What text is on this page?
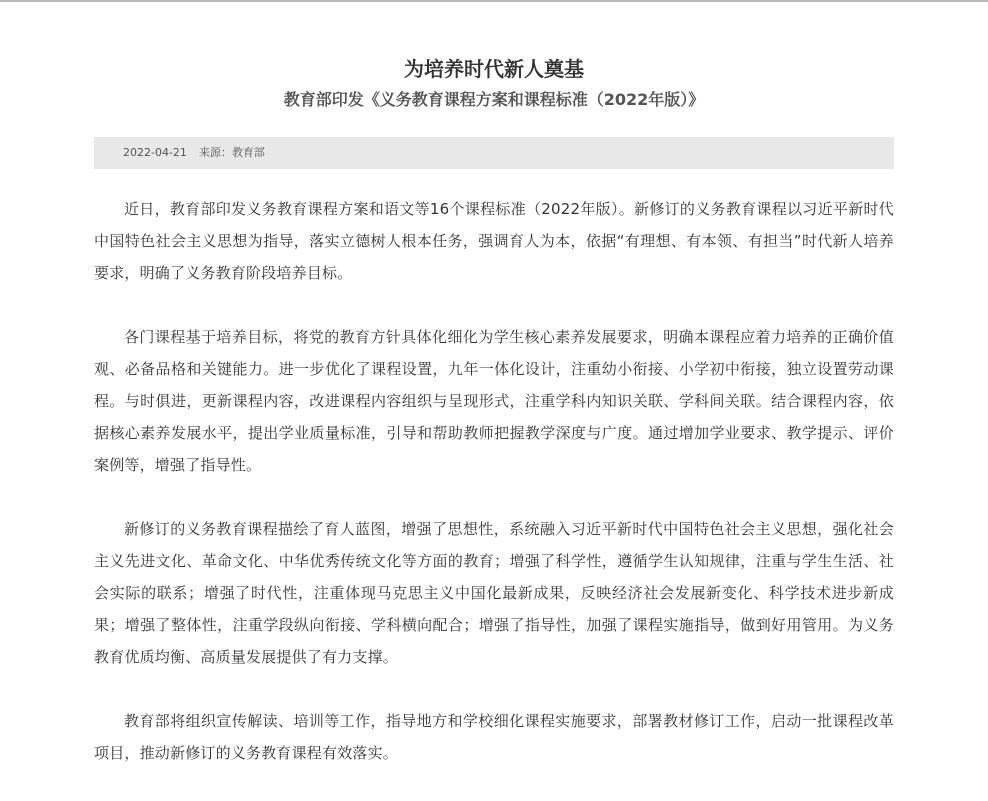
为培养时代新人奠基
教育部印发《义务教育课程方案和课程标准（2022年版）》
2022-04-21 来源：教育部

近日，教育部印发义务教育课程方案和语文等16个课程标准（2022年版）。新修订的义务教育课程以习近平新时代中国特色社会主义思想为指导，落实立德树人根本任务，强调育人为本，依据“有理想、有本领、有担当”时代新人培养要求，明确了义务教育阶段培养目标。

各门课程基于培养目标，将党的教育方针具体化细化为学生核心素养发展要求，明确本课程应着力培养的正确价值观、必备品格和关键能力。进一步优化了课程设置，九年一体化设计，注重幼小衔接、小学初中衔接，独立设置劳动课程。与时俱进，更新课程内容，改进课程内容组织与呈现形式，注重学科内知识关联、学科间关联。结合课程内容，依据核心素养发展水平，提出学业质量标准，引导和帮助教师把握教学深度与广度。通过增加学业要求、教学提示、评价案例等，增强了指导性。

新修订的义务教育课程描绘了育人蓝图，增强了思想性，系统融入习近平新时代中国特色社会主义思想，强化社会主义先进文化、革命文化、中华优秀传统文化等方面的教育；增强了科学性，遵循学生认知规律，注重与学生生活、社会实际的联系；增强了时代性，注重体现马克思主义中国化最新成果，反映经济社会发展新变化、科学技术进步新成果；增强了整体性，注重学段纵向衔接、学科横向配合；增强了指导性，加强了课程实施指导，做到好用管用。为义务教育优质均衡、高质量发展提供了有力支撑。

教育部将组织宣传解读、培训等工作，指导地方和学校细化课程实施要求，部署教材修订工作，启动一批课程改革项目，推动新修订的义务教育课程有效落实。
